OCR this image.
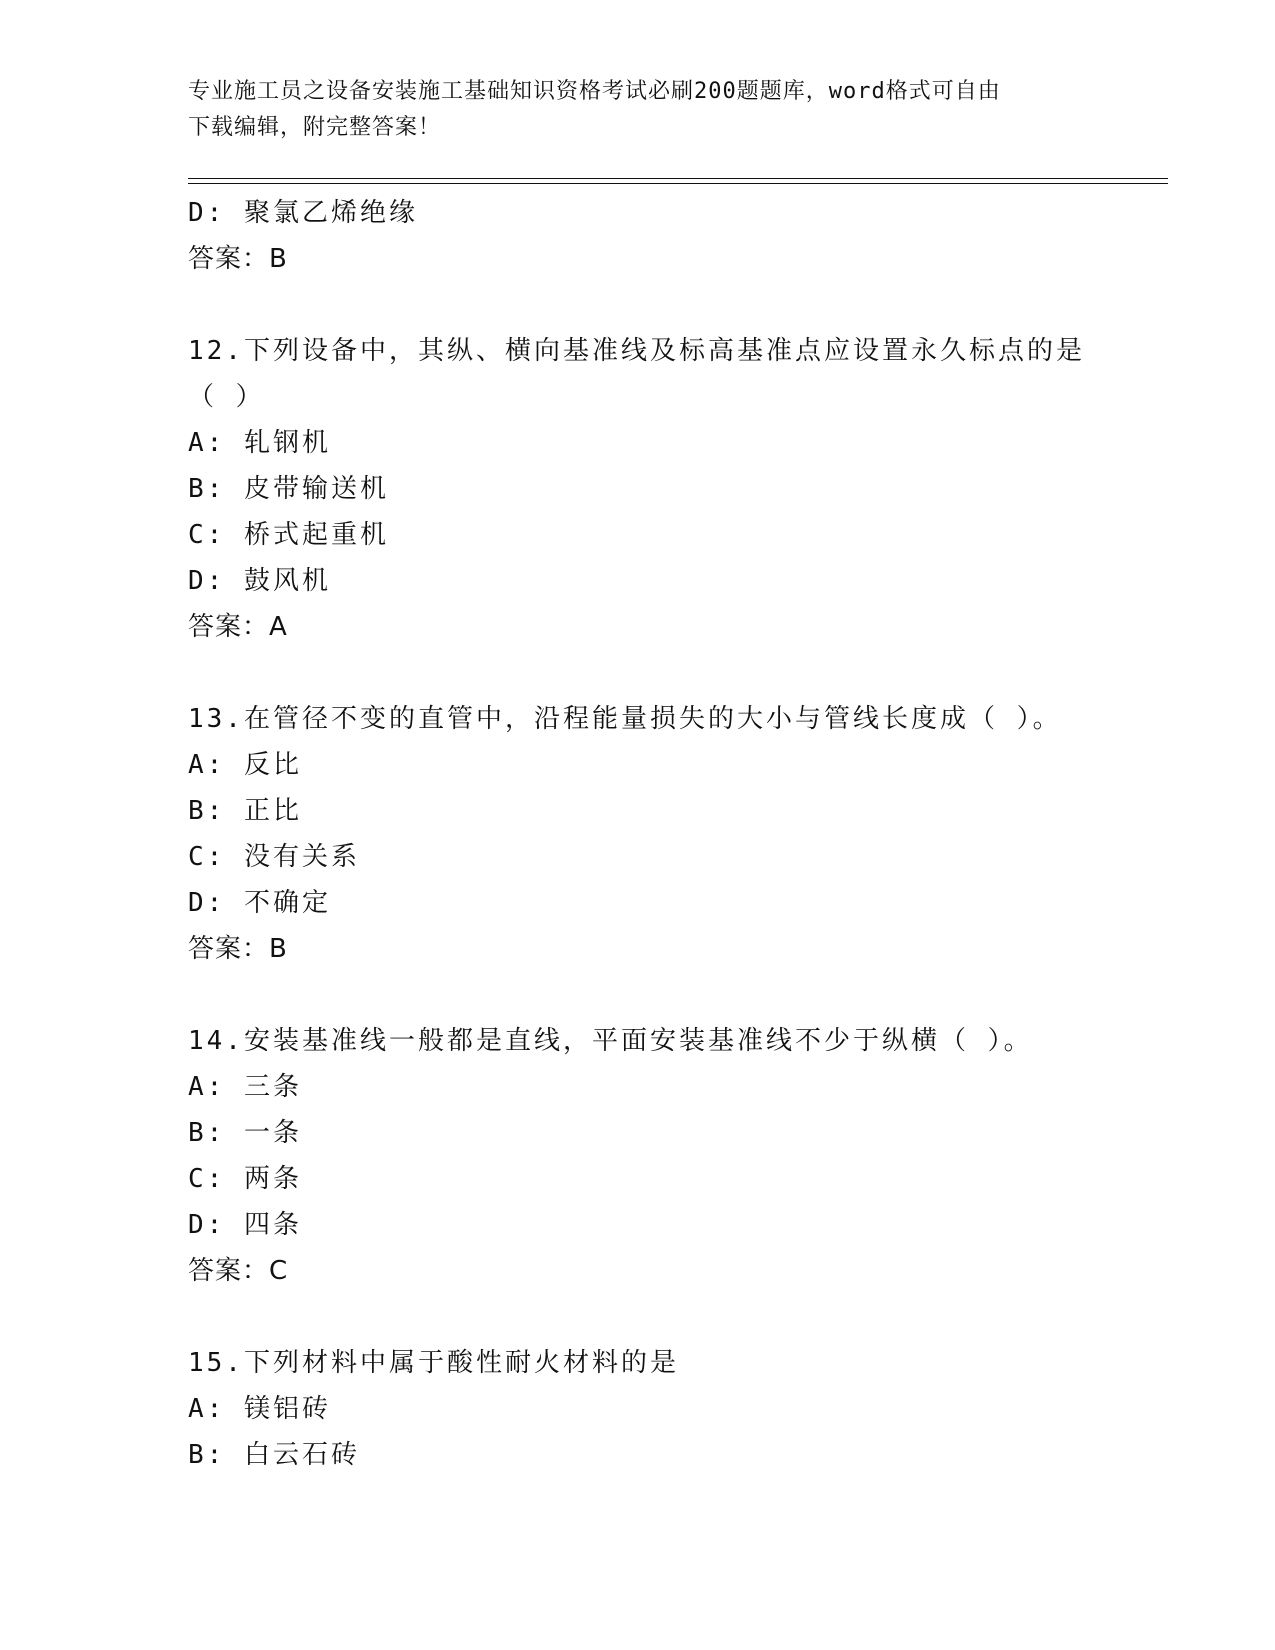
专业施工员之设备安装施工基础知识资格考试必刷200题题库，word格式可自由
下载编辑，附完整答案！
D: 聚氯乙烯绝缘
答案：B
12.下列设备中，其纵、横向基准线及标高基准点应设置永久标点的是
（ ）
A: 轧钢机
B: 皮带输送机
C: 桥式起重机
D: 鼓风机
答案：A
13.在管径不变的直管中，沿程能量损失的大小与管线长度成（ ）。
A: 反比
B: 正比
C: 没有关系
D: 不确定
答案：B
14.安装基准线一般都是直线，平面安装基准线不少于纵横（ ）。
A: 三条
B: 一条
C: 两条
D: 四条
答案：C
15.下列材料中属于酸性耐火材料的是
A: 镁铝砖
B: 白云石砖
